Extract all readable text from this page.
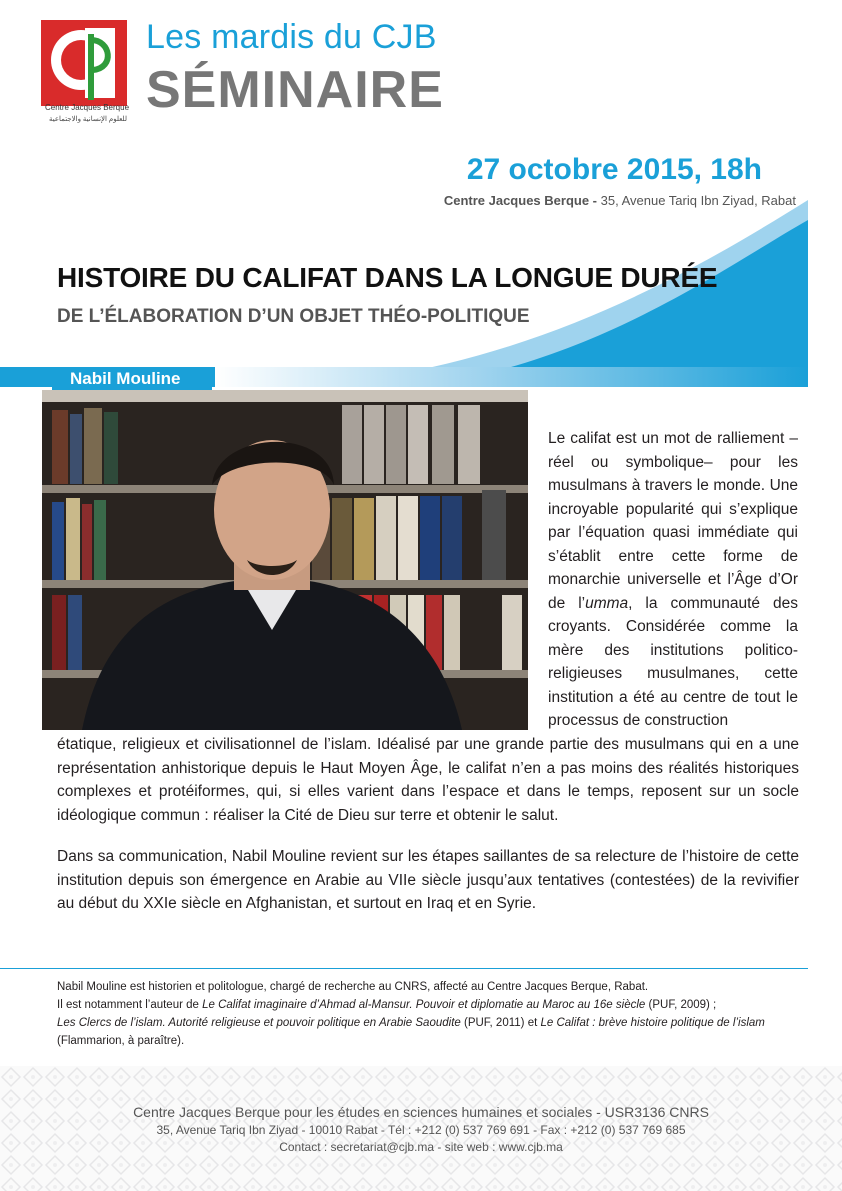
Centre Jacques Berque
للعلوم الإنسانية والاجتماعية
Les mardis du CJB
SÉMINAIRE
27 octobre 2015, 18h
Centre Jacques Berque - 35, Avenue Tariq Ibn Ziyad, Rabat
HISTOIRE DU CALIFAT DANS LA LONGUE DURÉE
DE L’ÉLABORATION D’UN OBJET THÉO-POLITIQUE
Nabil Mouline
Le califat est un mot de ralliement –réel ou symbolique– pour les musulmans à travers le monde. Une incroyable popularité qui s’explique par l’équation quasi immédiate qui s’établit entre cette forme de monarchie universelle et l’Âge d’Or de l’umma, la communauté des croyants. Considérée comme la mère des institutions politico-religieuses musulmanes, cette institution a été au centre de tout le processus de construction
étatique, religieux et civilisationnel de l’islam. Idéalisé par une grande partie des musulmans qui en a une représentation anhistorique depuis le Haut Moyen Âge, le califat n’en a pas moins des réalités historiques complexes et protéiformes, qui, si elles varient dans l’espace et dans le temps, reposent sur un socle idéologique commun : réaliser la Cité de Dieu sur terre et obtenir le salut.
Dans sa communication, Nabil Mouline revient sur les étapes saillantes de sa relecture de l’histoire de cette institution depuis son émergence en Arabie au VIIe siècle jusqu’aux tentatives (contestées) de la revivifier au début du XXIe siècle en Afghanistan, et surtout en Iraq et en Syrie.
Nabil Mouline est historien et politologue, chargé de recherche au CNRS, affecté au Centre Jacques Berque, Rabat.
Il est notamment l’auteur de Le Califat imaginaire d’Ahmad al-Mansur. Pouvoir et diplomatie au Maroc au 16e siècle (PUF, 2009) ;
Les Clercs de l’islam. Autorité religieuse et pouvoir politique en Arabie Saoudite (PUF, 2011) et Le Califat : brève histoire politique de l’islam
(Flammarion, à paraître).
Centre Jacques Berque pour les études en sciences humaines et sociales - USR3136 CNRS
35, Avenue Tariq Ibn Ziyad - 10010 Rabat - Tél : +212 (0) 537 769 691 - Fax : +212 (0) 537 769 685
Contact : secretariat@cjb.ma - site web : www.cjb.ma
